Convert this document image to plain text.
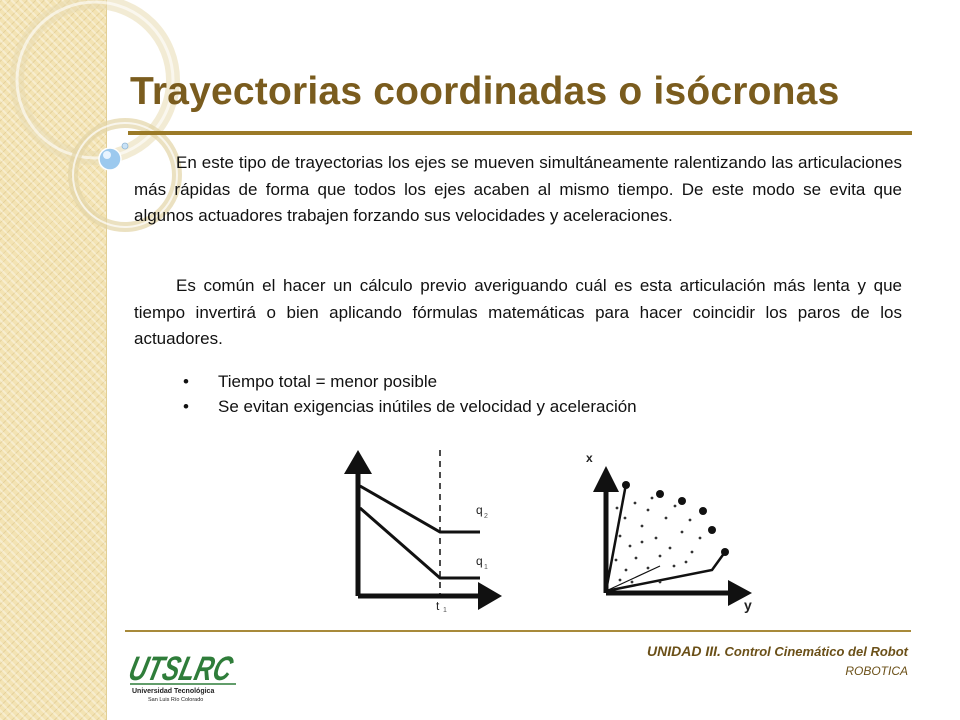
Trayectorias coordinadas o isócronas

En este tipo de trayectorias los ejes se mueven simultáneamente ralentizando las articulaciones más rápidas de forma que todos los ejes acaben al mismo tiempo. De este modo se evita que algunos actuadores trabajen forzando sus velocidades y aceleraciones.

Es común el hacer un cálculo previo averiguando cuál es esta articulación más lenta y que tiempo invertirá o bien aplicando fórmulas matemáticas para hacer coincidir los paros de los actuadores.

• Tiempo total = menor posible
• Se evitan exigencias inútiles de velocidad y aceleración
q 2
q 1
t 1
x
y
UTSLRC
Universidad Tecnológica
San Luis Río Colorado
UNIDAD III. Control Cinemático del Robot
ROBOTICA
